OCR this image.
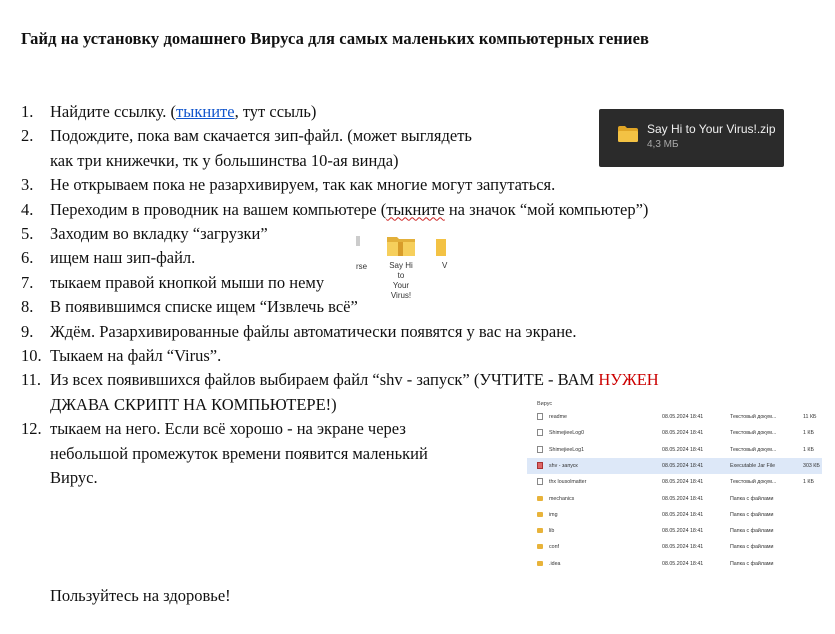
Гайд на установку домашнего Вируса для самых маленьких компьютерных гениев
1. Найдите ссылку. (тыкните, тут ссыль)
2. Подождите, пока вам скачается зип-файл. (может выглядеть
как три книжечки, тк у большинства 10-ая винда)
3. Не открываем пока не разархивируем, так как многие могут запутаться.
4. Переходим в проводник на вашем компьютере (тыкните на значок “мой компьютер”)
5. Заходим во вкладку “загрузки”
6. ищем наш зип-файл.
7. тыкаем правой кнопкой мыши по нему
8. В появившимся списке ищем “Извлечь всё”
9. Ждём. Разархивированные файлы автоматически появятся у вас на экране.
10. Тыкаем на файл “Virus”.
11. Из всех появившихся файлов выбираем файл “shv - запуск” (УЧТИТЕ - ВАМ НУЖЕН
ДЖАВА СКРИПТ НА КОМПЬЮТЕРЕ!)
12. тыкаем на него. Если всё хорошо - на экране через
небольшой промежуток времени появится маленький
Вирус.
Пользуйтесь на здоровье!
Say Hi to Your Virus!.zip
4,3 МБ
rse	Say Hi to
Your Virus!
V
Вирус
readme	08.05.2024 18:41	Текстовый докум...	11 КБ
ShimejieeLog0	08.05.2024 18:41	Текстовый докум...	1 КБ
ShimejieeLog1	08.05.2024 18:41	Текстовый докум...	1 КБ
shv - запуск	08.05.2024 18:41	Executable Jar File	303 КБ
thx lousolmatter	08.05.2024 18:41	Текстовый докум...	1 КБ
mechanics	08.05.2024 18:41	Папка с файлами
img	08.05.2024 18:41	Папка с файлами
lib	08.05.2024 18:41	Папка с файлами
conf	08.05.2024 18:41	Папка с файлами
.idea	08.05.2024 18:41	Папка с файлами
